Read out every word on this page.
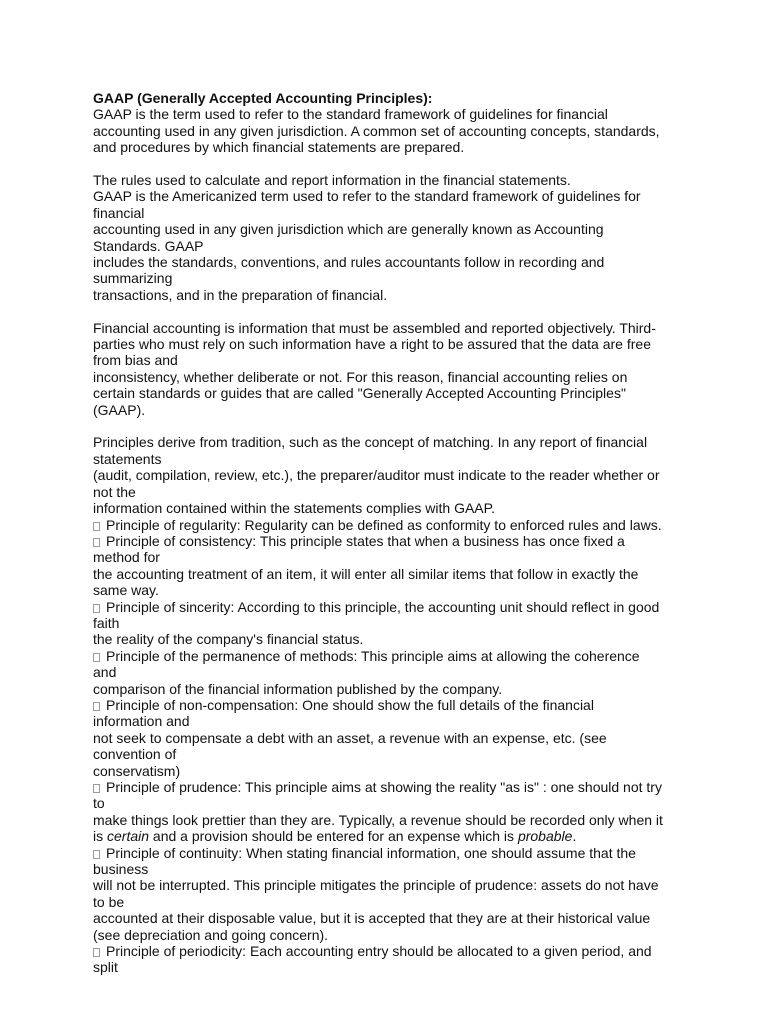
GAAP (Generally Accepted Accounting Principles):
GAAP is the term used to refer to the standard framework of guidelines for financial
accounting used in any given jurisdiction. A common set of accounting concepts, standards,
and procedures by which financial statements are prepared.
The rules used to calculate and report information in the financial statements.
GAAP is the Americanized term used to refer to the standard framework of guidelines for
financial
accounting used in any given jurisdiction which are generally known as Accounting
Standards. GAAP
includes the standards, conventions, and rules accountants follow in recording and
summarizing
transactions, and in the preparation of financial.
Financial accounting is information that must be assembled and reported objectively. Third-
parties who must rely on such information have a right to be assured that the data are free
from bias and
inconsistency, whether deliberate or not. For this reason, financial accounting relies on
certain standards or guides that are called "Generally Accepted Accounting Principles"
(GAAP).
Principles derive from tradition, such as the concept of matching. In any report of financial
statements
(audit, compilation, review, etc.), the preparer/auditor must indicate to the reader whether or
not the
information contained within the statements complies with GAAP.
Principle of regularity: Regularity can be defined as conformity to enforced rules and laws.
Principle of consistency: This principle states that when a business has once fixed a
method for
the accounting treatment of an item, it will enter all similar items that follow in exactly the
same way.
Principle of sincerity: According to this principle, the accounting unit should reflect in good
faith
the reality of the company's financial status.
Principle of the permanence of methods: This principle aims at allowing the coherence
and
comparison of the financial information published by the company.
Principle of non-compensation: One should show the full details of the financial
information and
not seek to compensate a debt with an asset, a revenue with an expense, etc. (see
convention of
conservatism)
Principle of prudence: This principle aims at showing the reality "as is" : one should not try
to
make things look prettier than they are. Typically, a revenue should be recorded only when it
is certain and a provision should be entered for an expense which is probable.
Principle of continuity: When stating financial information, one should assume that the
business
will not be interrupted. This principle mitigates the principle of prudence: assets do not have
to be
accounted at their disposable value, but it is accepted that they are at their historical value
(see depreciation and going concern).
Principle of periodicity: Each accounting entry should be allocated to a given period, and
split
